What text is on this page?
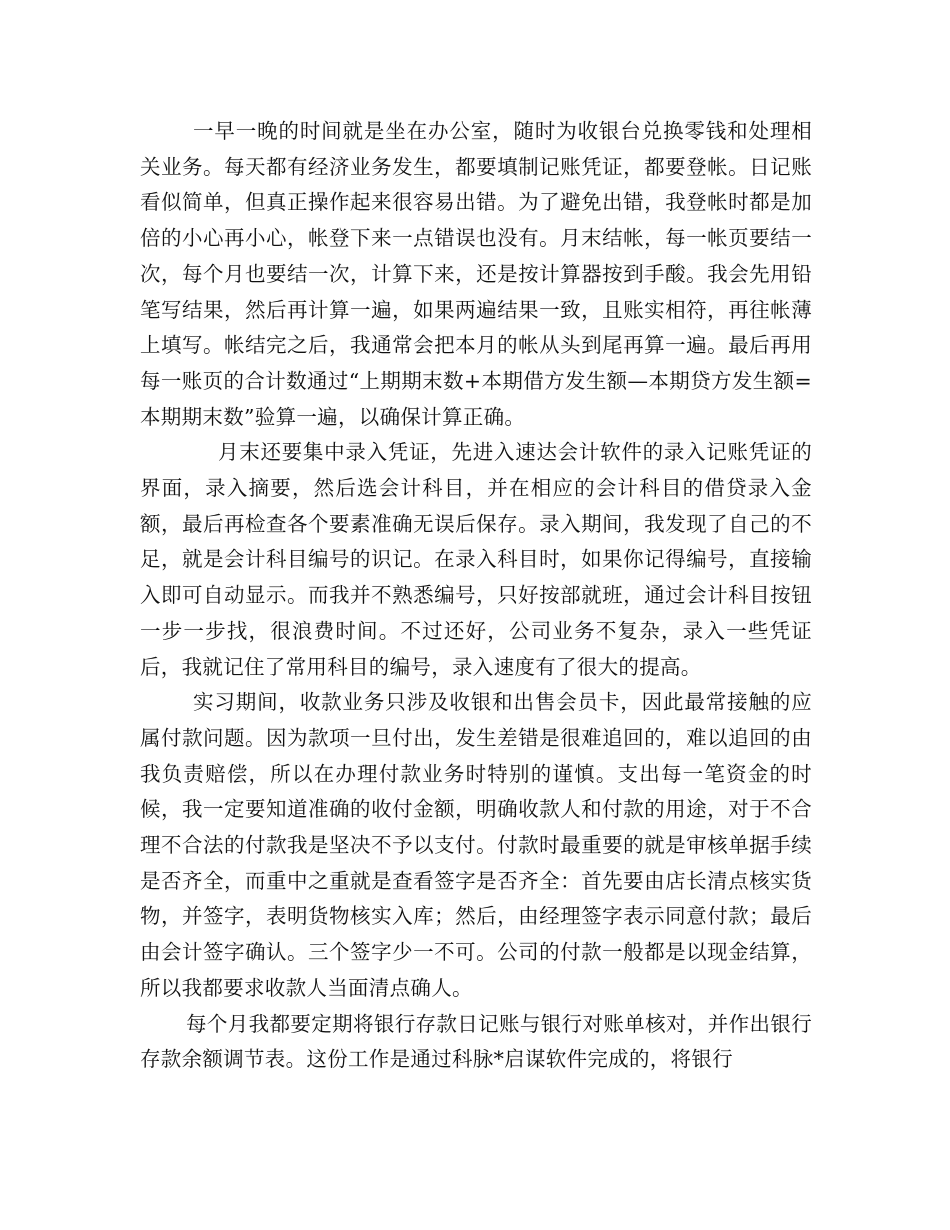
一早一晚的时间就是坐在办公室，随时为收银台兑换零钱和处理相关业务。每天都有经济业务发生，都要填制记账凭证，都要登帐。日记账看似简单，但真正操作起来很容易出错。为了避免出错，我登帐时都是加倍的小心再小心，帐登下来一点错误也没有。月末结帐，每一帐页要结一次，每个月也要结一次，计算下来，还是按计算器按到手酸。我会先用铅笔写结果，然后再计算一遍，如果两遍结果一致，且账实相符，再往帐薄上填写。帐结完之后，我通常会把本月的帐从头到尾再算一遍。最后再用每一账页的合计数通过“上期期末数+本期借方发生额—本期贷方发生额=本期期末数”验算一遍，以确保计算正确。

月末还要集中录入凭证，先进入速达会计软件的录入记账凭证的界面，录入摘要，然后选会计科目，并在相应的会计科目的借贷录入金额，最后再检查各个要素准确无误后保存。录入期间，我发现了自己的不足，就是会计科目编号的识记。在录入科目时，如果你记得编号，直接输入即可自动显示。而我并不熟悉编号，只好按部就班，通过会计科目按钮一步一步找，很浪费时间。不过还好，公司业务不复杂，录入一些凭证后，我就记住了常用科目的编号，录入速度有了很大的提高。

实习期间，收款业务只涉及收银和出售会员卡，因此最常接触的应属付款问题。因为款项一旦付出，发生差错是很难追回的，难以追回的由我负责赔偿，所以在办理付款业务时特别的谨慎。支出每一笔资金的时候，我一定要知道准确的收付金额，明确收款人和付款的用途，对于不合理不合法的付款我是坚决不予以支付。付款时最重要的就是审核单据手续是否齐全，而重中之重就是查看签字是否齐全：首先要由店长清点核实货物，并签字，表明货物核实入库；然后，由经理签字表示同意付款；最后由会计签字确认。三个签字少一不可。公司的付款一般都是以现金结算，所以我都要求收款人当面清点确人。

每个月我都要定期将银行存款日记账与银行对账单核对，并作出银行存款余额调节表。这份工作是通过科脉*启谋软件完成的，将银行
